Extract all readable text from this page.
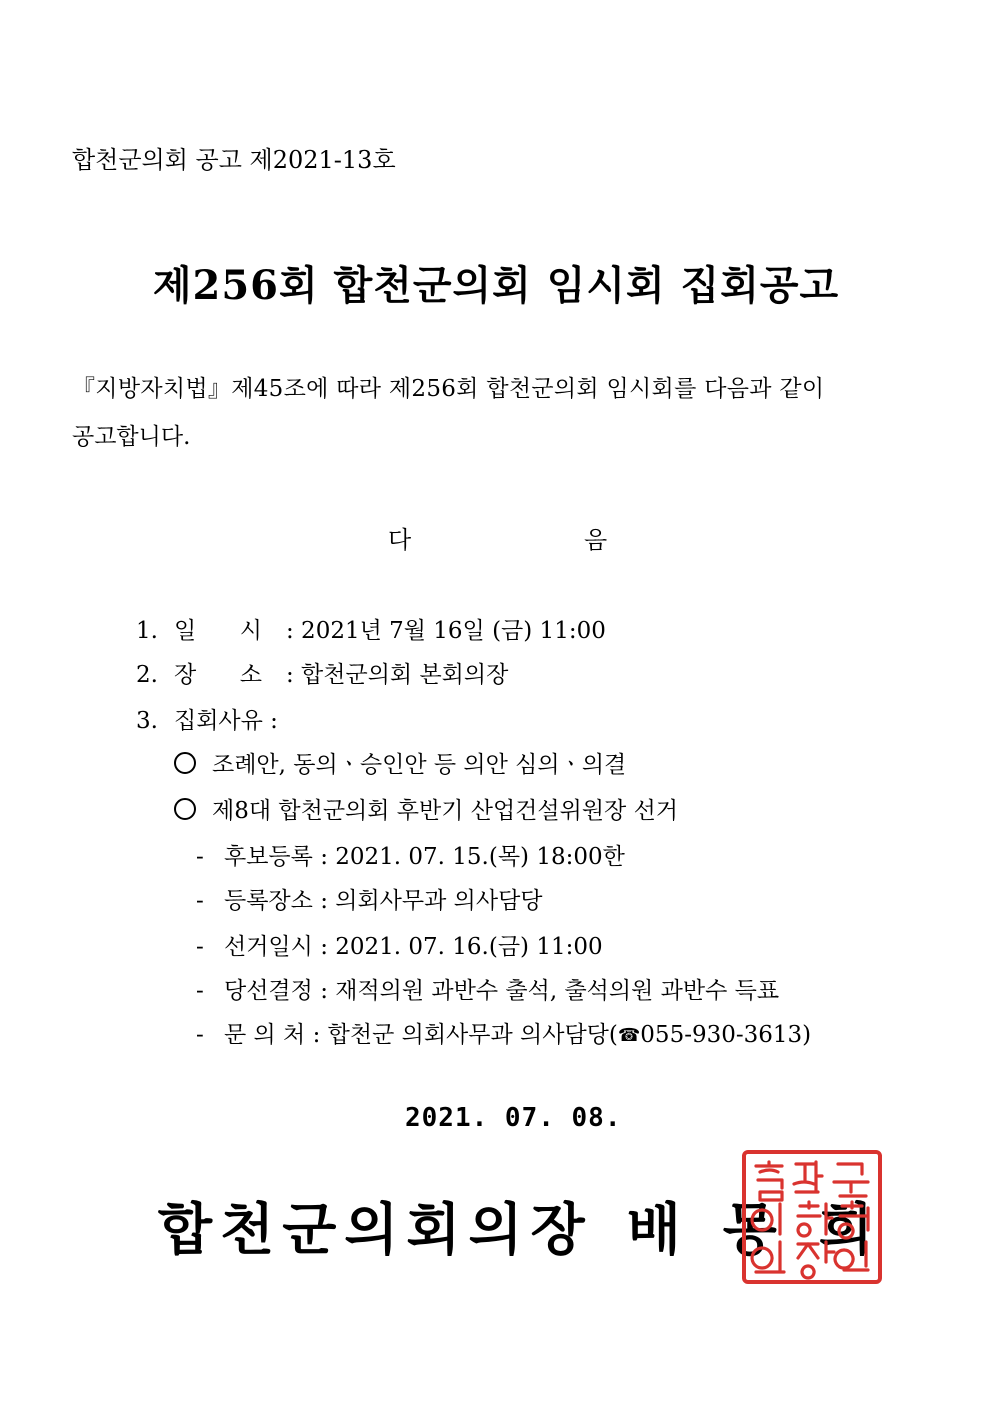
합천군의회 공고 제2021-13호
제256회 합천군의회 임시회 집회공고
『지방자치법』제45조에 따라 제256회 합천군의회 임시회를 다음과 같이
공고합니다.
다	음
1. 일 시 : 2021년 7월 16일 (금) 11:00
2. 장 소 : 합천군의회 본회의장
3. 집회사유 :
조례안, 동의ㆍ승인안 등 의안 심의ㆍ의결
제8대 합천군의회 후반기 산업건설위원장 선거
- 후보등록 : 2021. 07. 15.(목) 18:00한
- 등록장소 : 의회사무과 의사담당
- 선거일시 : 2021. 07. 16.(금) 11:00
- 당선결정 : 재적의원 과반수 출석, 출석의원 과반수 득표
- 문 의 처 : 합천군 의회사무과 의사담당(☎055-930-3613)
2021. 07. 08.
합천군의회의장 배 몽 희
